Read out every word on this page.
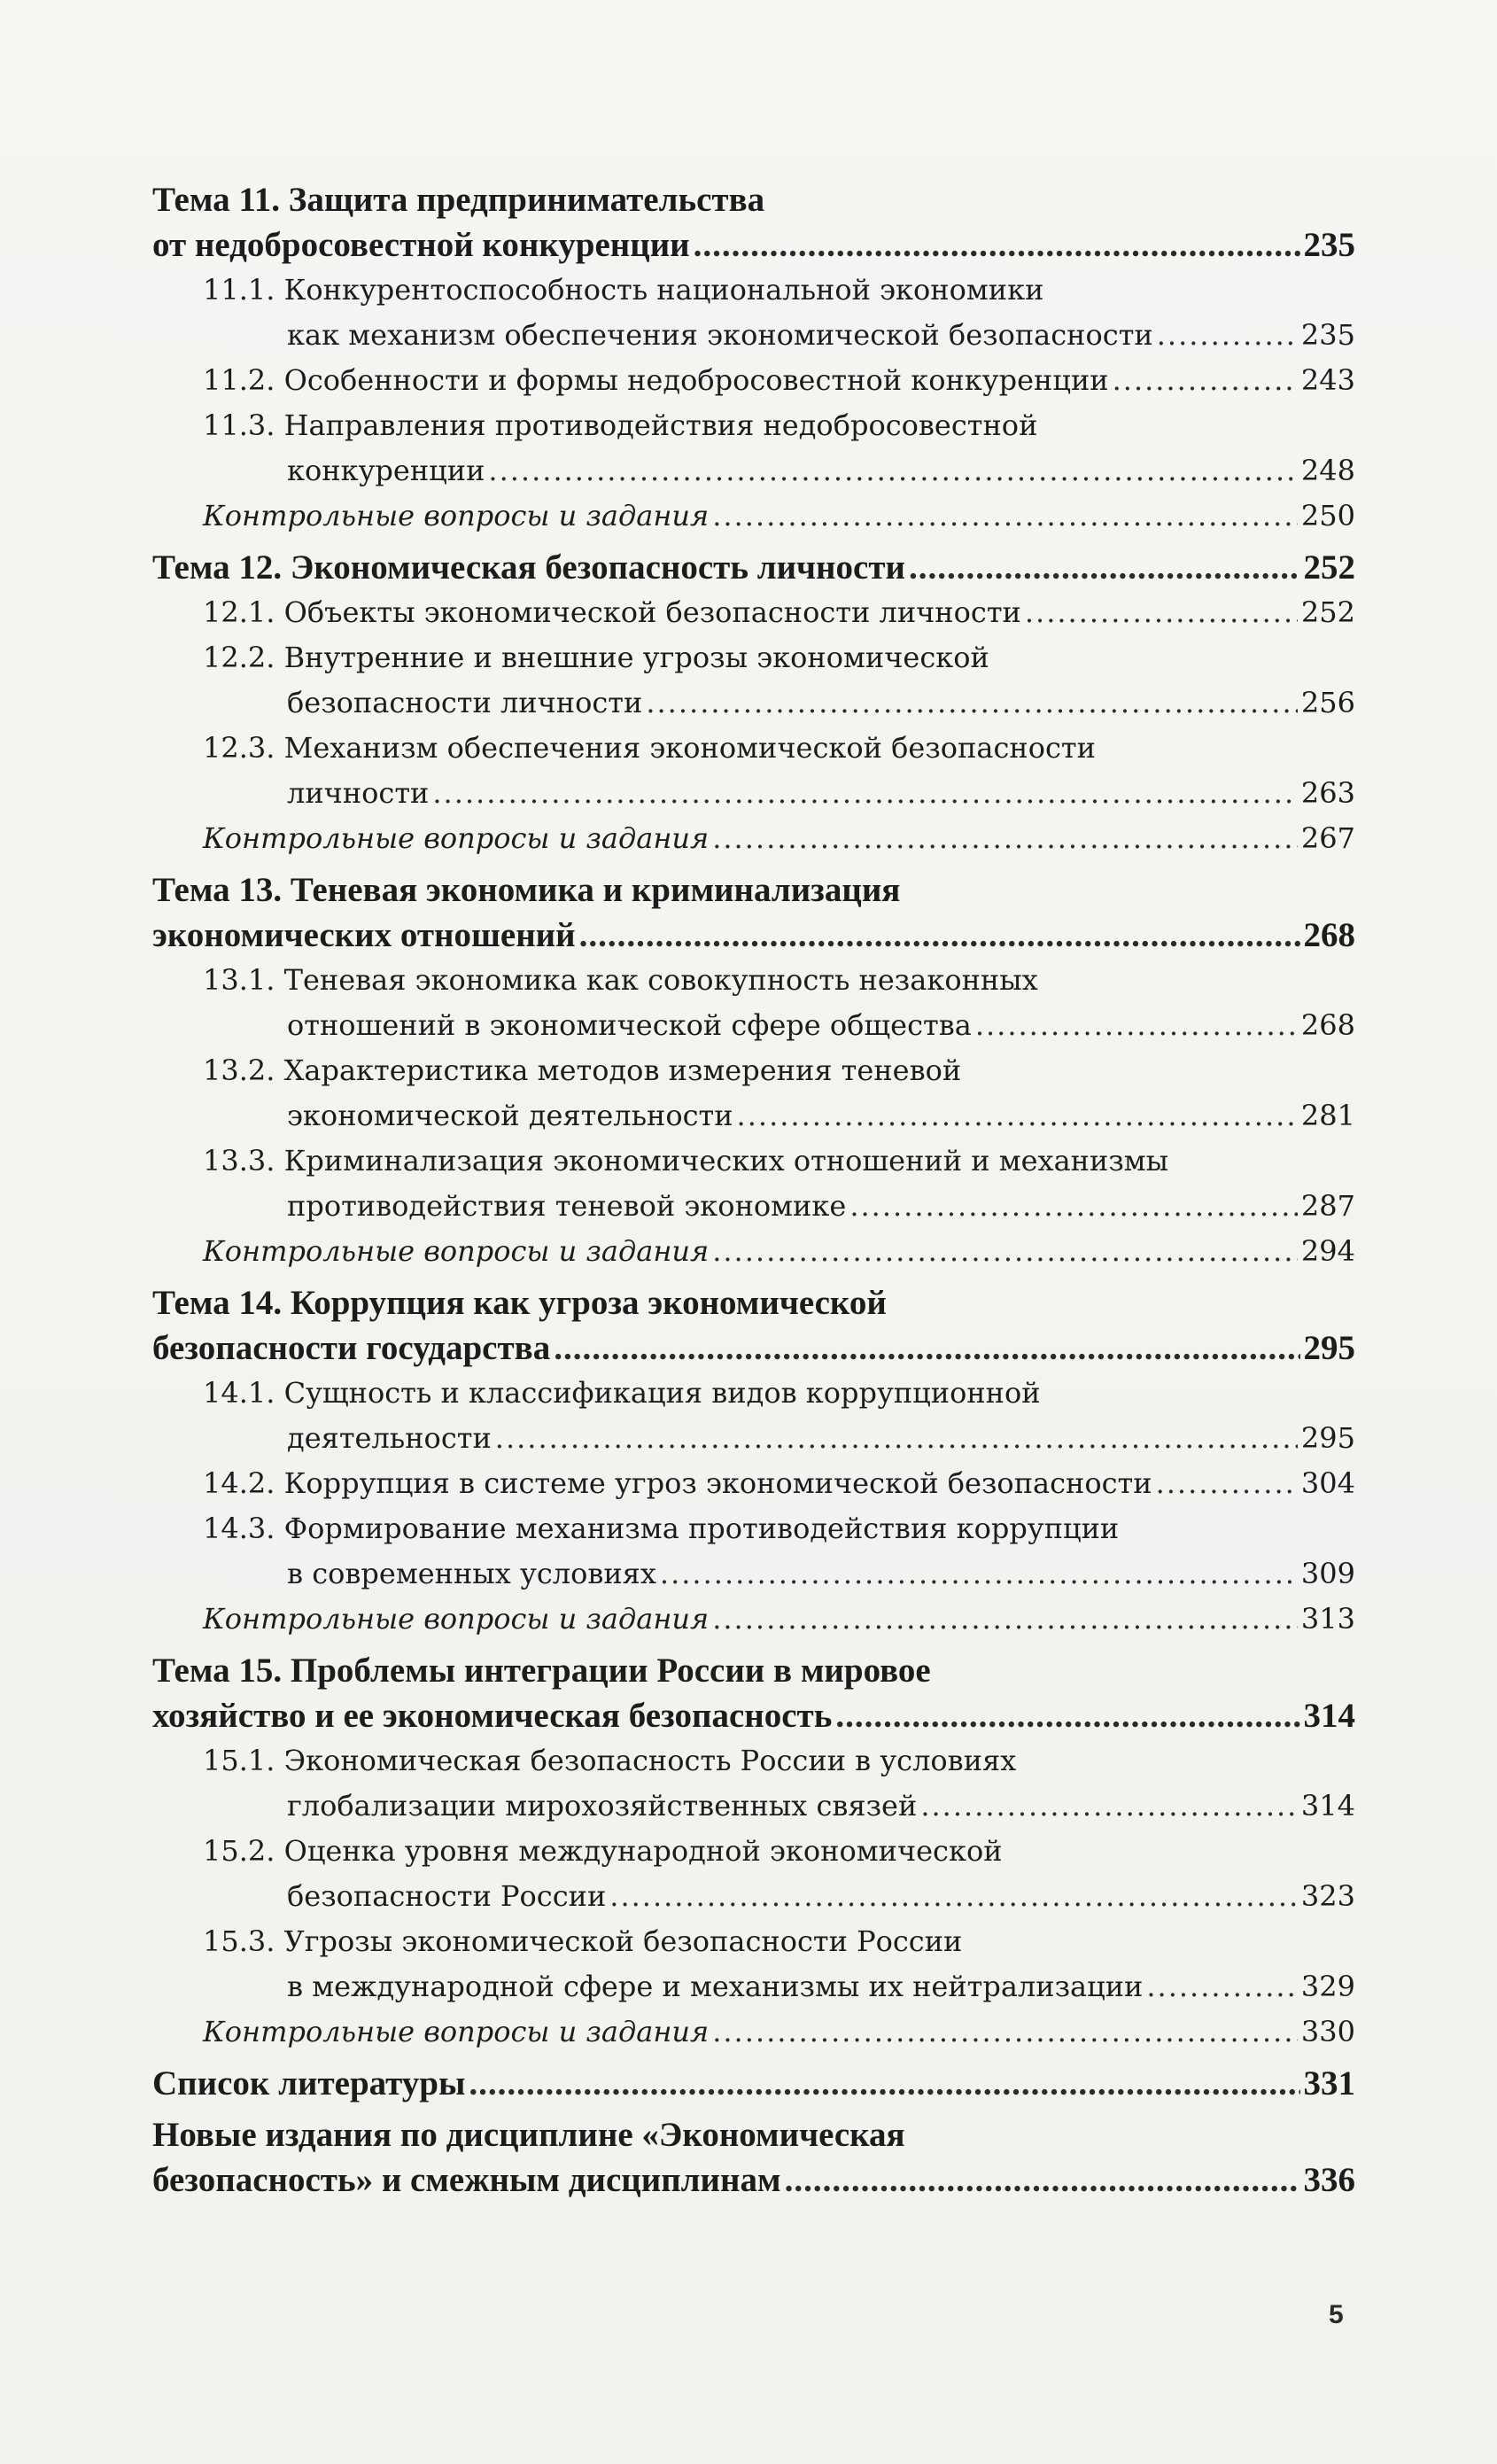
Тема 11. Защита предпринимательства
от недобросовестной конкуренции .....	235
11.1. Конкурентоспособность национальной экономики
как механизм обеспечения экономической безопасности .....	235
11.2. Особенности и формы недобросовестной конкуренции .....	243
11.3. Направления противодействия недобросовестной
конкуренции .....	248
Контрольные вопросы и задания .....	250
Тема 12. Экономическая безопасность личности .....	252
12.1. Объекты экономической безопасности личности .....	252
12.2. Внутренние и внешние угрозы экономической
безопасности личности .....	256
12.3. Механизм обеспечения экономической безопасности
личности .....	263
Контрольные вопросы и задания .....	267
Тема 13. Теневая экономика и криминализация
экономических отношений .....	268
13.1. Теневая экономика как совокупность незаконных
отношений в экономической сфере общества .....	268
13.2. Характеристика методов измерения теневой
экономической деятельности .....	281
13.3. Криминализация экономических отношений и механизмы
противодействия теневой экономике .....	287
Контрольные вопросы и задания .....	294
Тема 14. Коррупция как угроза экономической
безопасности государства .....	295
14.1. Сущность и классификация видов коррупционной
деятельности .....	295
14.2. Коррупция в системе угроз экономической безопасности .....	304
14.3. Формирование механизма противодействия коррупции
в современных условиях .....	309
Контрольные вопросы и задания .....	313
Тема 15. Проблемы интеграции России в мировое
хозяйство и ее экономическая безопасность .....	314
15.1. Экономическая безопасность России в условиях
глобализации мирохозяйственных связей .....	314
15.2. Оценка уровня международной экономической
безопасности России .....	323
15.3. Угрозы экономической безопасности России
в международной сфере и механизмы их нейтрализации .....	329
Контрольные вопросы и задания .....	330
Список литературы .....	331
Новые издания по дисциплине «Экономическая
безопасность» и смежным дисциплинам .....	336
5
